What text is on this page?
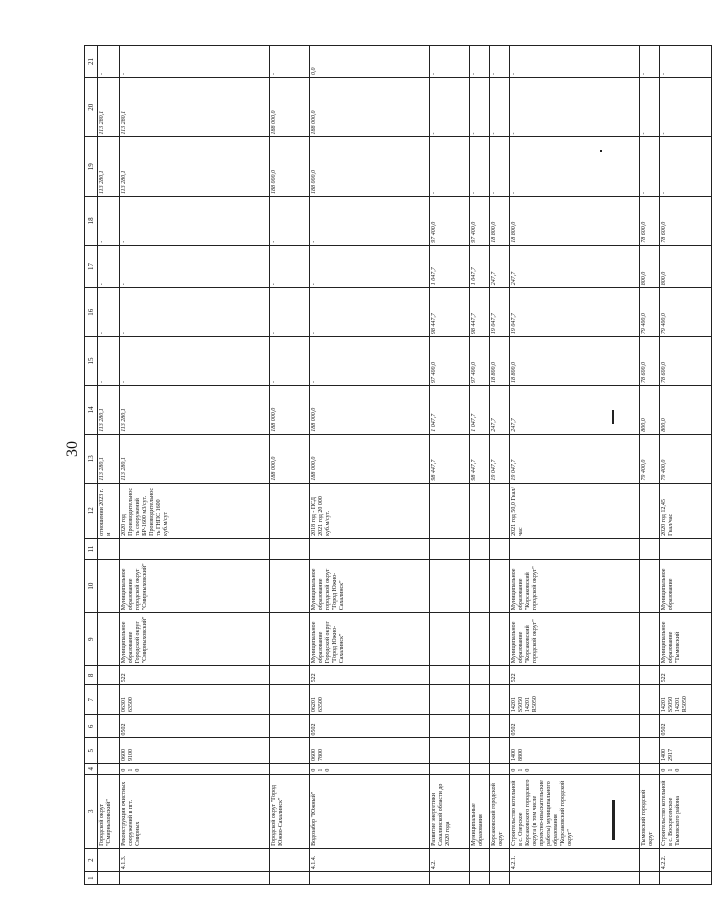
30
1	2	3	4	5	6	7	8	9	10	11	12	13	14	15	16	17	18	19	20	21
		Городской округ "Смирныховский"									отношении 2023 г. и	113 280,1	113 280,1	-	-	-	-	113 280,1	113 280,1	-
	4.1.3.	Реконструкция очистных сооружений в пгт. Смирных	0 1 0	0600 9100	0502	06301 63500	522	Муниципальное образование Городской округ "Смирныховский"	Муниципальное образование городской округ "Смирныховский"		2020 год Производительность сооружений БР-1600 м3/сут. Производительность ГНПС 1600 куб.м/сут	113 280,1	113 280,1	-	-	-	-	113 280,1	113 280,1	-
		Городской округ "Город Южно-Сахалинск"										188 000,0	188 000,0	-	-	-	-	188 000,0	188 000,0	-
	4.1.4.	Водозабор "Южный"	0 1 0	0600 7800	0502	06201 63500	522	Муниципальное образование Городской округ "Город Южно-Сахалинск"	Муниципальное образование городской округ "Город Южно-Сахалинск"		2018 год - ПСД 2021 год 20 000 куб.м/сут.	188 000,0	188 000,0	-	-	-	-	188 000,0	188 000,0	0,0
	4.2.	Развитие энергетики Сахалинской области до 2020 года										98 447,7	1 047,7	97 400,0	98 447,7	1 047,7	97 400,0	-	-	-
		Муниципальные образования										98 447,7	1 047,7	97 400,0	98 447,7	1 047,7	97 400,0	-	-	-
		Корсаковский городской округ										19 047,7	247,7	18 800,0	19 047,7	247,7	18 800,0	-	-	-
	4.2.1.	Строительство котельной в с. Озерское Корсаковского городского округа (в том числе проектно-изыскательские работы) муниципального образования "Корсаковский городской округ"	0 1 0	1400 8800	0502	14201 S5050 14201 R5050	522	Муниципальное образование "Корсаковский городской округ"	Муниципальное образование "Корсаковский городской округ"		2021 год 50,0 Гкал/час	19 047,7	247,7	18 800,0	19 047,7	247,7	18 800,0	-	-	-
		Тымовский городской округ										79 400,0	800,0	78 600,0	79 400,0	800,0	78 600,0	-	-	-
	4.2.2.	Строительство котельной в с. Воскресенское Тымовского района	0 1 0	1400 2917	0502	14201 S5050 14201 R5050	522	Муниципальное образование "Тымовский	Муниципальное образование		2020 год 12,45 Гкал/час	79 400,0	800,0	78 600,0	79 400,0	800,0	78 600,0	-	-	-
